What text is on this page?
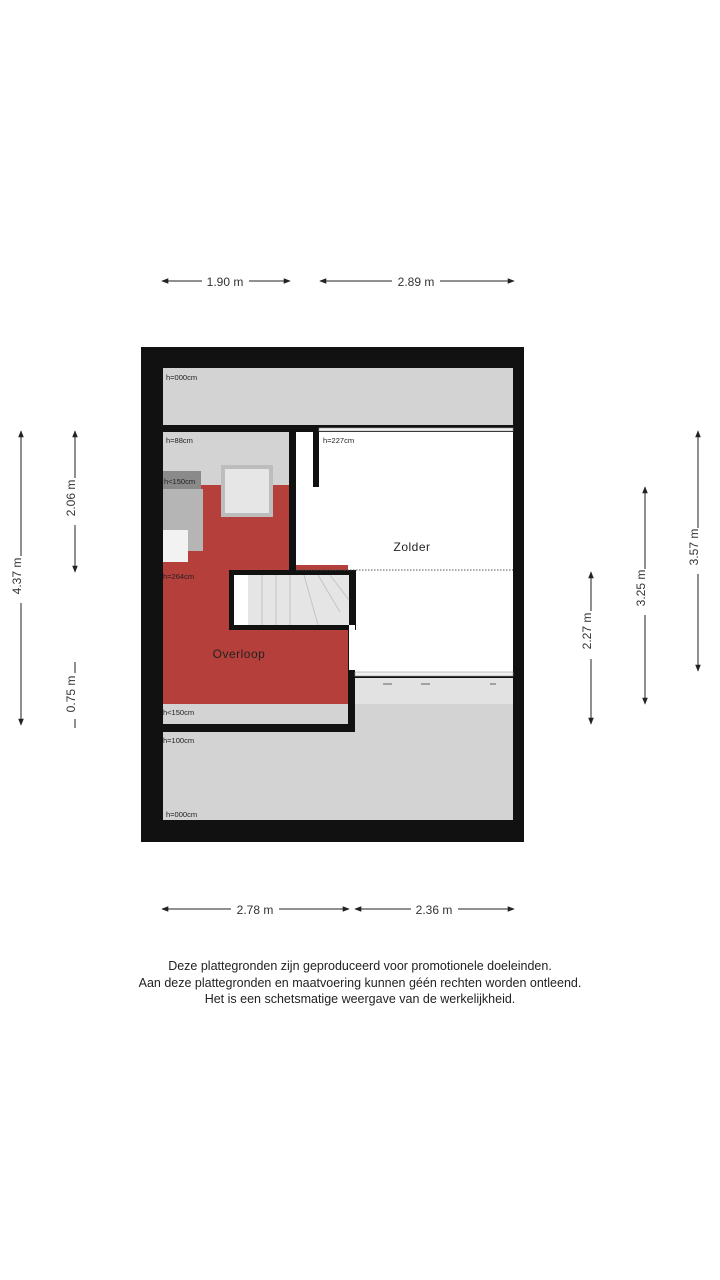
h=000cm
h=88cm	h=227cm
h<150cm
h=264cm
h<150cm
h=100cm
h=000cm
Zolder
Overloop
1.90 m	2.89 m
2.78 m	2.36 m
4.37 m
2.06 m
0.75 m
2.27 m
3.25 m
3.57 m
Deze plattegronden zijn geproduceerd voor promotionele doeleinden.
Aan deze plattegronden en maatvoering kunnen géén rechten worden ontleend.
Het is een schetsmatige weergave van de werkelijkheid.
